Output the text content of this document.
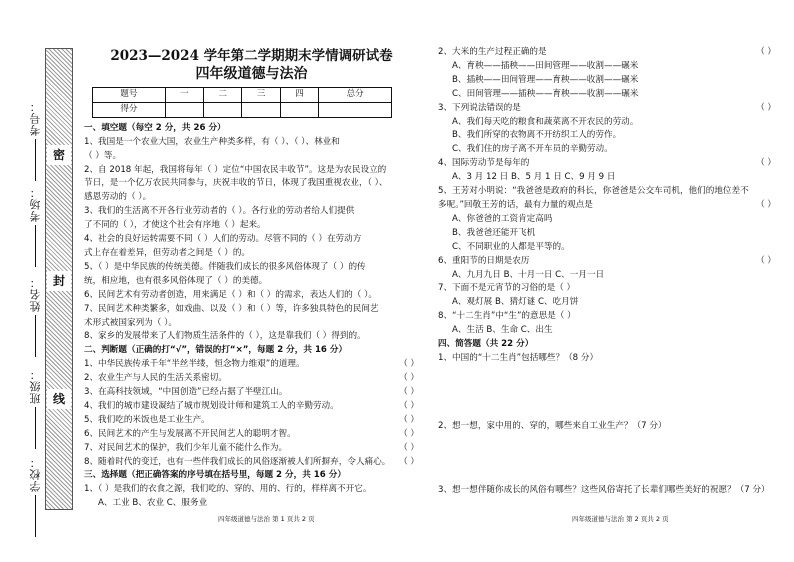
考号：
考场：
姓名：
班级：
学校：
密
封
线
2023—2024 学年第二学期期末学情调研试卷
四年级道德与法治
题号	一	二	三	四	总分
得分					
一、填空题（每空 2 分，共 26 分）
1、我国是一个农业大国，农业生产种类多样，有（ ）、（ ）、林业和
（ ）等。
2、自 2018 年起，我国将每年（ ）定位“中国农民丰收节”。这是为农民设立的
节日，是一个亿万农民共同参与，庆祝丰收的节日，体现了我国重视农业，（ ）、
感恩劳动的（ ）。
3、我们的生活离不开各行业劳动者的（ ）。各行业的劳动者给人们提供
了不同的（ ），才使这个社会有序地（ ）起来。
4、社会的良好运转需要不同（ ）人们的劳动。尽管不同的（ ）在劳动方
式上存在着差异，但劳动者之间是（ ）的。
5、（ ）是中华民族的传统美德。伴随我们成长的很多风俗体现了（ ）的传
统，相应地，也有很多风俗体现了（ ）的美德。
6、民间艺术有劳动者创造，用来满足（ ）和（ ）的需求，表达人们的（ ）。
7、民间艺术种类繁多，如戏曲、以及（ ）和（ ）等，许多独具特色的民间艺
术形式被国家列为（ ）。
8、家乡的发展带来了人们物质生活条件的（ ），这是靠我们（ ）得到的。
二、判断题（正确的打“√”，错误的打“×”，每题 2 分，共 16 分）
1、中华民族传承千年“半丝半缕，恒念物力维艰”的道理。	（ ）
2、农业生产与人民的生活关系密切。	（ ）
3、在高科技领域，“中国创造”已经占据了半壁江山。	（ ）
4、我们的城市建设凝结了城市规划设计师和建筑工人的辛勤劳动。	（ ）
5、我们吃的米饭也是工业生产。	（ ）
6、民间艺术的产生与发展离不开民间艺人的聪明才智。	（ ）
7、对民间艺术的保护，我们少年儿童不能什么作为。	（ ）
8、随着时代的变迁，也有一些伴我们成长的风俗逐渐被人们所摒弃，令人痛心。 （ ）
三、选择题（把正确答案的序号填在括号里，每题 2 分，共 16 分）
1、（ ）是我们的衣食之源，我们吃的、穿的、用的、行的，样样离不开它。
A、工业 B、农业 C、服务业
2、大米的生产过程正确的是	（ ）
A、育秧——插秧——田间管理——收割——碾米
B、插秧——田间管理——育秧——收割——碾米
C、田间管理——插秧——育秧——收割——碾米
3、下列说法错误的是	（ ）
A、我们每天吃的粮食和蔬菜离不开农民的劳动。
B、我们所穿的衣物离不开纺织工人的劳作。
C、我们住的房子离不开车员的辛勤劳动。
4、国际劳动节是每年的	（ ）
A、3 月 12 日 B、5 月 1 日 C、9 月 9 日
5、王芳对小明说：“我爸爸是政府的科长，你爸爸是公交车司机，他们的地位差不
多呢。”回敬王芳的话，最有力量的观点是	（ ）
A、你爸爸的工资肯定高吗
B、我爸爸还能开飞机
C、不同职业的人都是平等的。
6、重阳节的日期是农历	（ ）
A、九月九日 B、十月一日 C、一月一日
7、下面不是元宵节的习俗的是（ ）
A、观灯展 B、猜灯谜 C、吃月饼
8、“十二生肖”中“生”的意思是（ ）
A、生活 B、生命 C、出生
四、简答题（共 22 分）
1、中国的“十二生肖”包括哪些？（8 分）
2、想一想，家中用的、穿的，哪些来自工业生产？（7 分）
3、想一想伴随你成长的风俗有哪些？这些风俗寄托了长辈们哪些美好的祝愿？（7 分）
四年级道德与法治 第 1 页共 2 页	四年级道德与法治 第 2 页共 2 页
